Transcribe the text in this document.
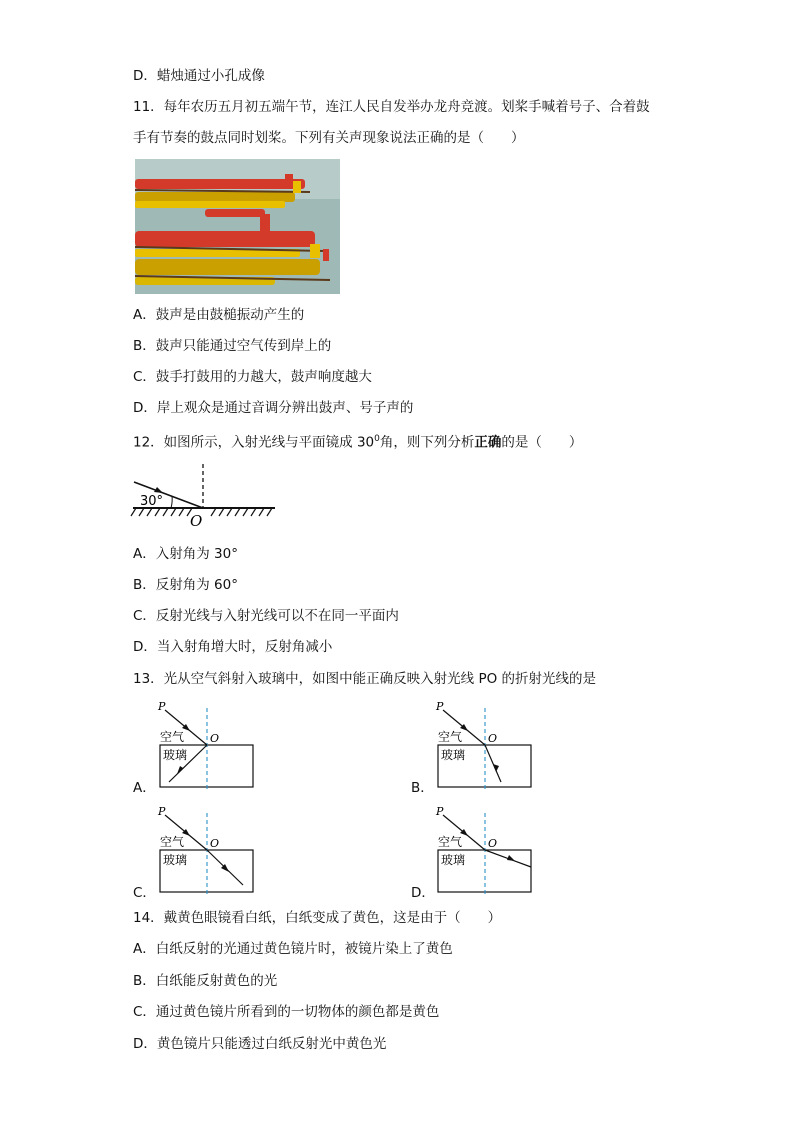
D．蜡烛通过小孔成像
11．每年农历五月初五端午节，连江人民自发举办龙舟竞渡。划桨手喊着号子、合着鼓
手有节奏的鼓点同时划桨。下列有关声现象说法正确的是（　　）
A．鼓声是由鼓槌振动产生的
B．鼓声只能通过空气传到岸上的
C．鼓手打鼓用的力越大，鼓声响度越大
D．岸上观众是通过音调分辨出鼓声、号子声的
12．如图所示，入射光线与平面镜成 $30^0$角，则下列分析正确的是（　　）
30°
O
A．入射角为 30°
B．反射角为 60°
C．反射光线与入射光线可以不在同一平面内
D．当入射角增大时，反射角减小
13．光从空气斜射入玻璃中，如图中能正确反映入射光线 PO 的折射光线的是
A．
P
O
空气
玻璃
B．
P
O
空气
玻璃
C．
P
O
空气
玻璃
D．
P
O
空气
玻璃
14．戴黄色眼镜看白纸，白纸变成了黄色，这是由于（　　）
A．白纸反射的光通过黄色镜片时，被镜片染上了黄色
B．白纸能反射黄色的光
C．通过黄色镜片所看到的一切物体的颜色都是黄色
D．黄色镜片只能透过白纸反射光中黄色光
